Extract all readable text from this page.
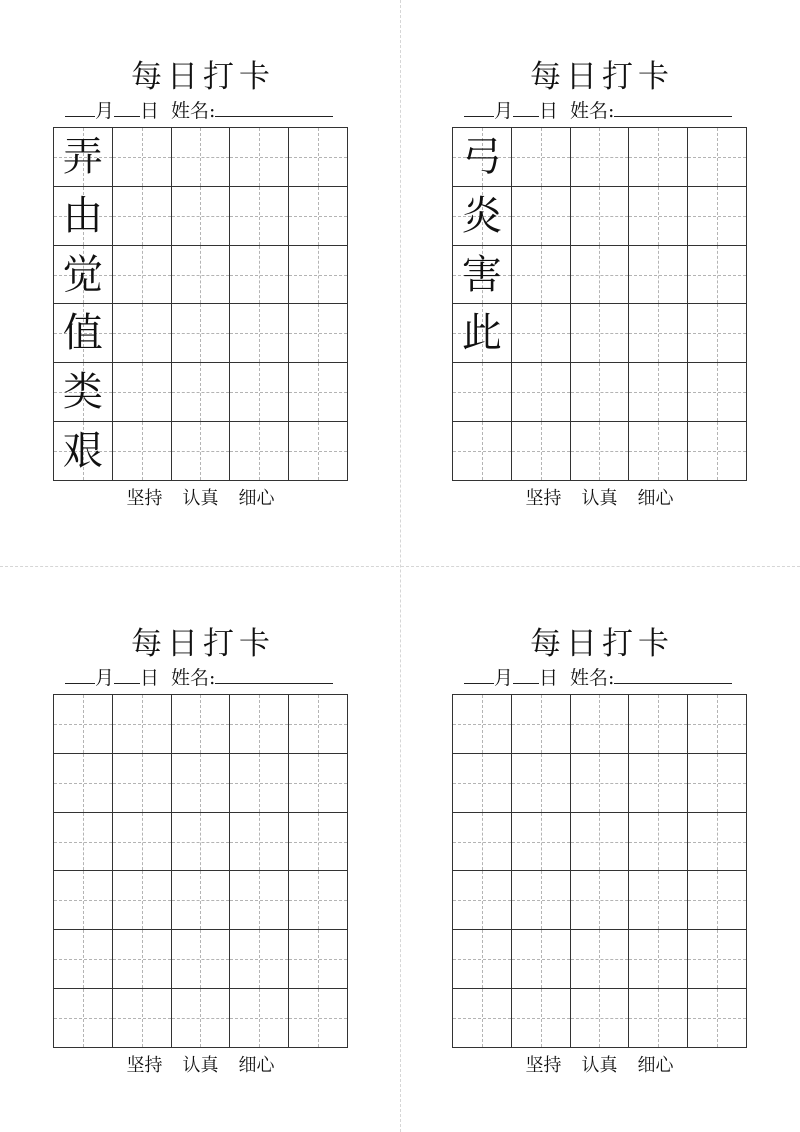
每日打卡
月 日 姓名:
弄
由
觉
值
类
艰
坚持 认真 细心
每日打卡
月 日 姓名:
弓
炎
害
此
坚持 认真 细心
每日打卡
月 日 姓名:
坚持 认真 细心
每日打卡
月 日 姓名:
坚持 认真 细心
